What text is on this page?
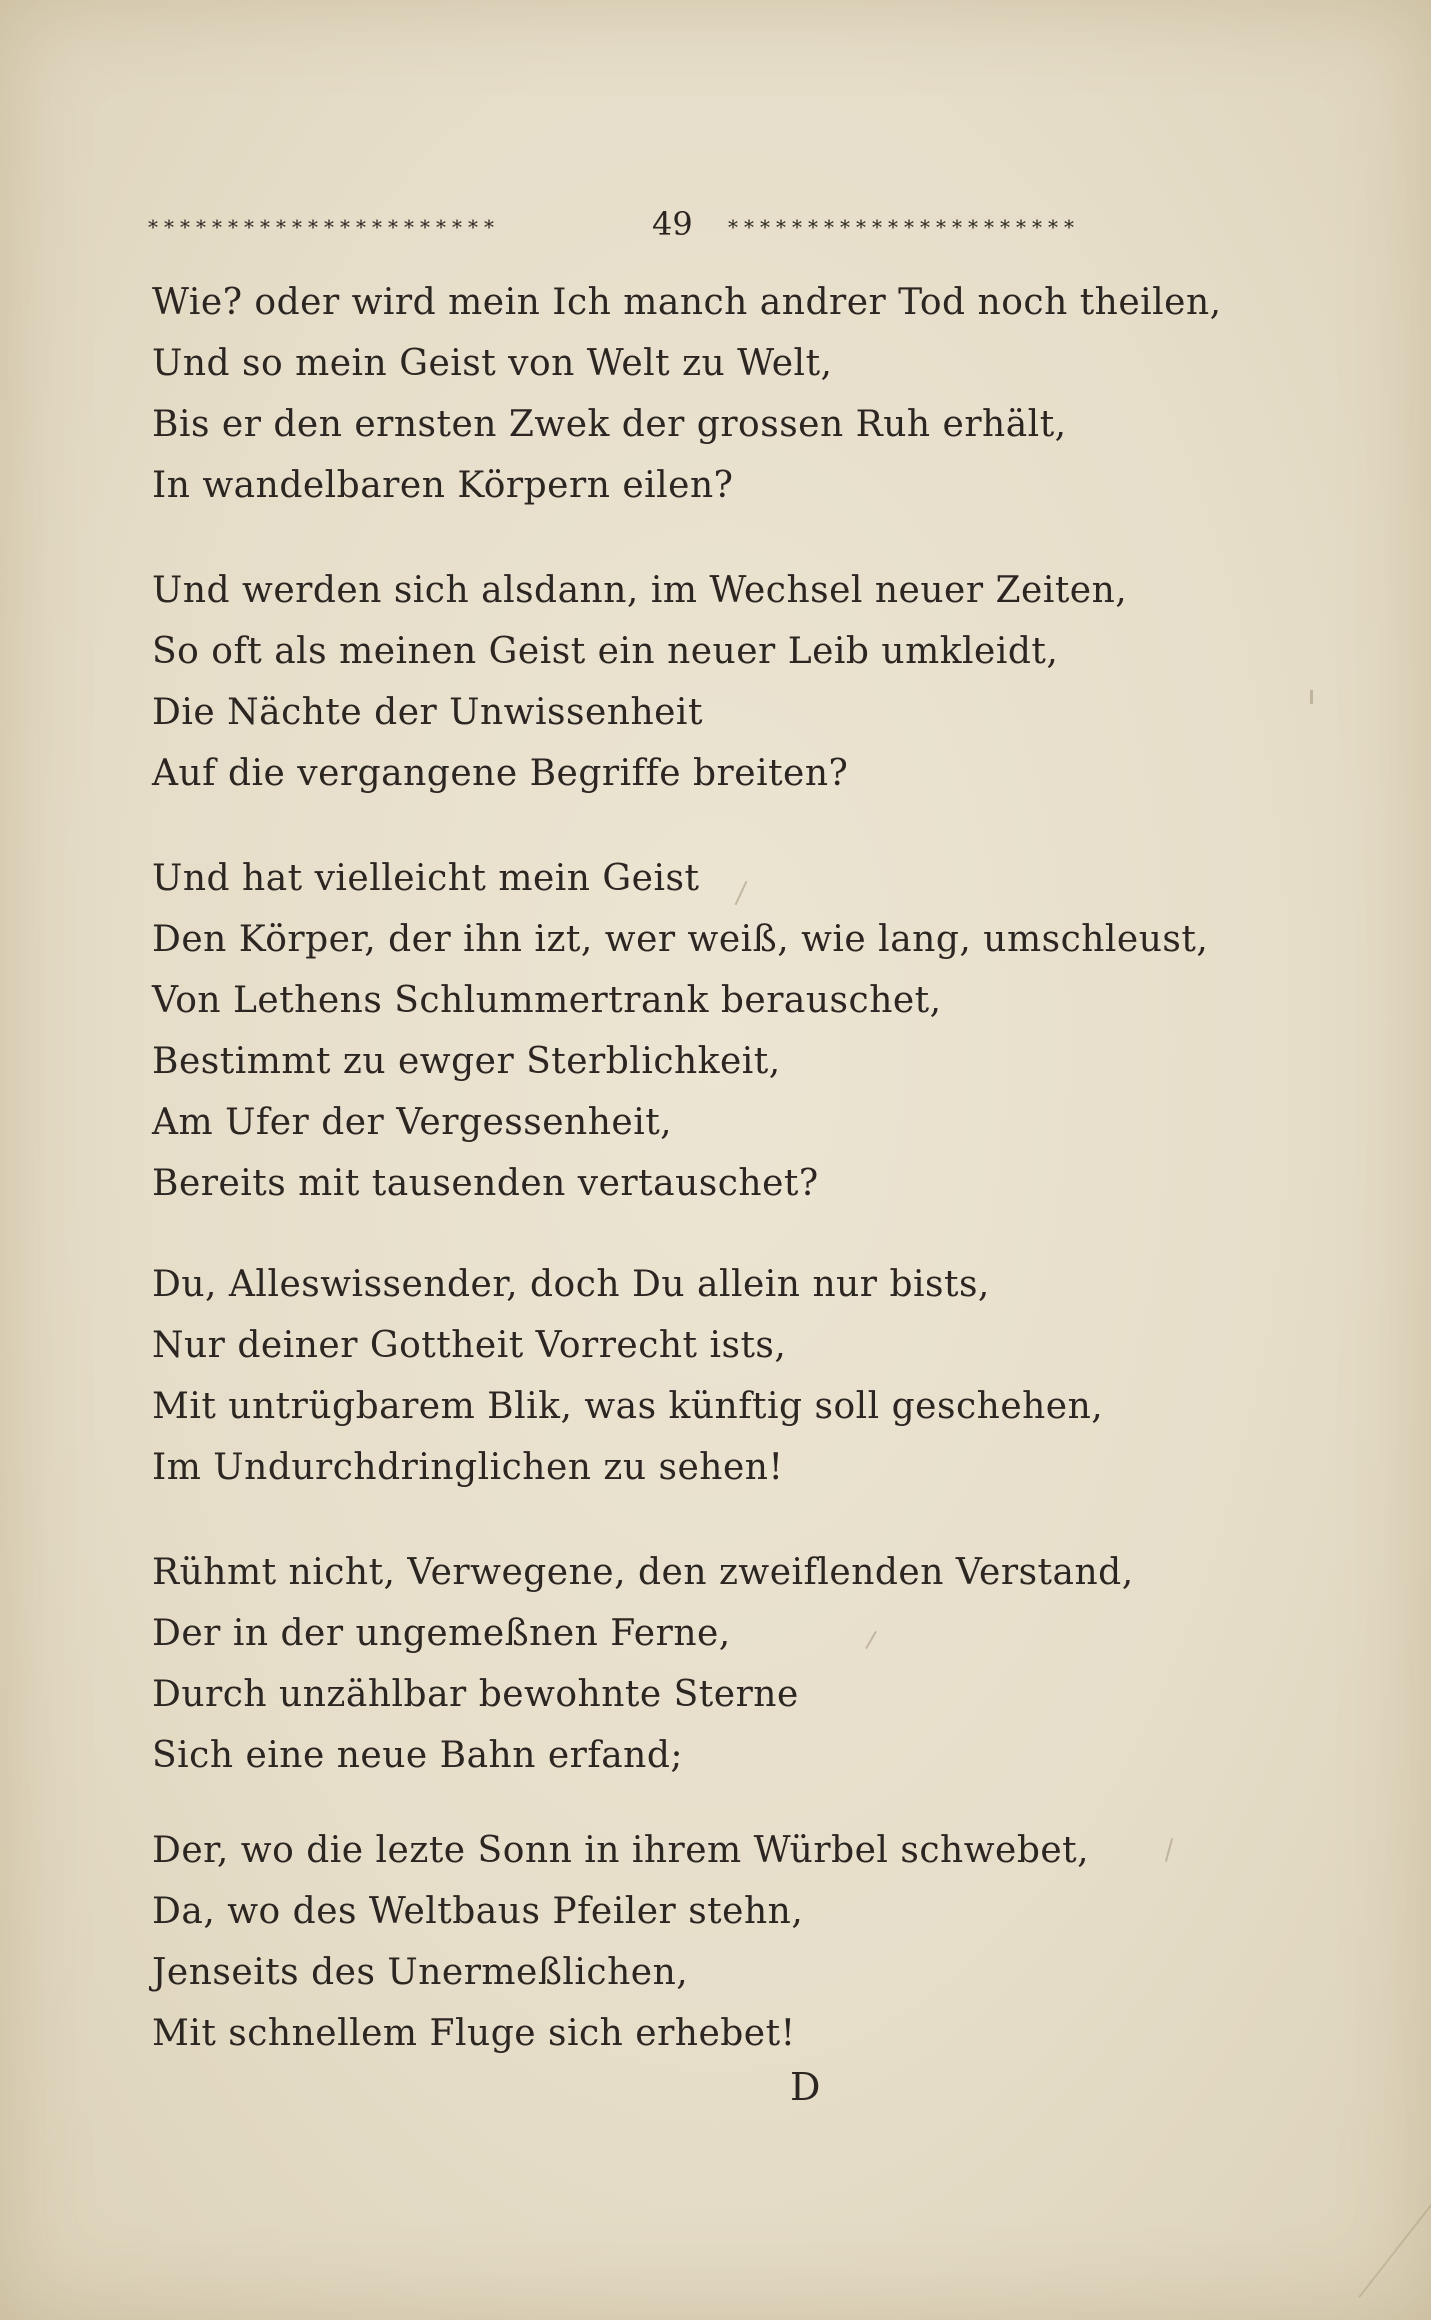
**********************	49 **********************
Wie? oder wird mein Ich manch andrer Tod noch theilen,
Und so mein Geist von Welt zu Welt,
Bis er den ernsten Zwek der grossen Ruh erhält,
In wandelbaren Körpern eilen?
Und werden sich alsdann, im Wechsel neuer Zeiten,
So oft als meinen Geist ein neuer Leib umkleidt,
Die Nächte der Unwissenheit
Auf die vergangene Begriffe breiten?
Und hat vielleicht mein Geist
Den Körper, der ihn izt, wer weiß, wie lang, umschleust,
Von Lethens Schlummertrank berauschet,
Bestimmt zu ewger Sterblichkeit,
Am Ufer der Vergessenheit,
Bereits mit tausenden vertauschet?
Du, Alleswissender, doch Du allein nur bists,
Nur deiner Gottheit Vorrecht ists,
Mit untrügbarem Blik, was künftig soll geschehen,
Im Undurchdringlichen zu sehen!
Rühmt nicht, Verwegene, den zweiflenden Verstand,
Der in der ungemeßnen Ferne,
Durch unzählbar bewohnte Sterne
Sich eine neue Bahn erfand;
Der, wo die lezte Sonn in ihrem Würbel schwebet,
Da, wo des Weltbaus Pfeiler stehn,
Jenseits des Unermeßlichen,
Mit schnellem Fluge sich erhebet!
D
